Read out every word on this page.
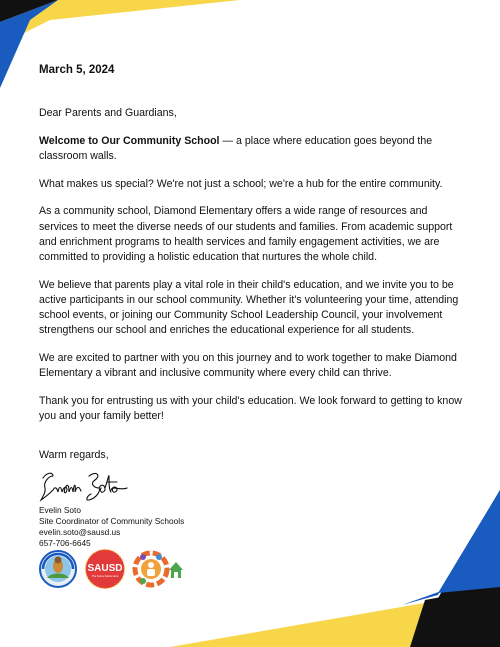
March 5, 2024

Dear Parents and Guardians,

Welcome to Our Community School — a place where education goes beyond the classroom walls.

What makes us special? We're not just a school; we're a hub for the entire community.

As a community school, Diamond Elementary offers a wide range of resources and services to meet the diverse needs of our students and families. From academic support and enrichment programs to health services and family engagement activities, we are committed to providing a holistic education that nurtures the whole child.

We believe that parents play a vital role in their child's education, and we invite you to be active participants in our school community. Whether it's volunteering your time, attending school events, or joining our Community School Leadership Council, your involvement strengthens our school and enriches the educational experience for all students.

We are excited to partner with you on this journey and to work together to make Diamond Elementary a vibrant and inclusive community where every child can thrive.

Thank you for entrusting us with your child's education. We look forward to getting to know you and your family better!

Warm regards,
Evelin Soto
Site Coordinator of Community Schools
evelin.soto@sausd.us
657-706-6645
SAUSD
The Future Starts Here
